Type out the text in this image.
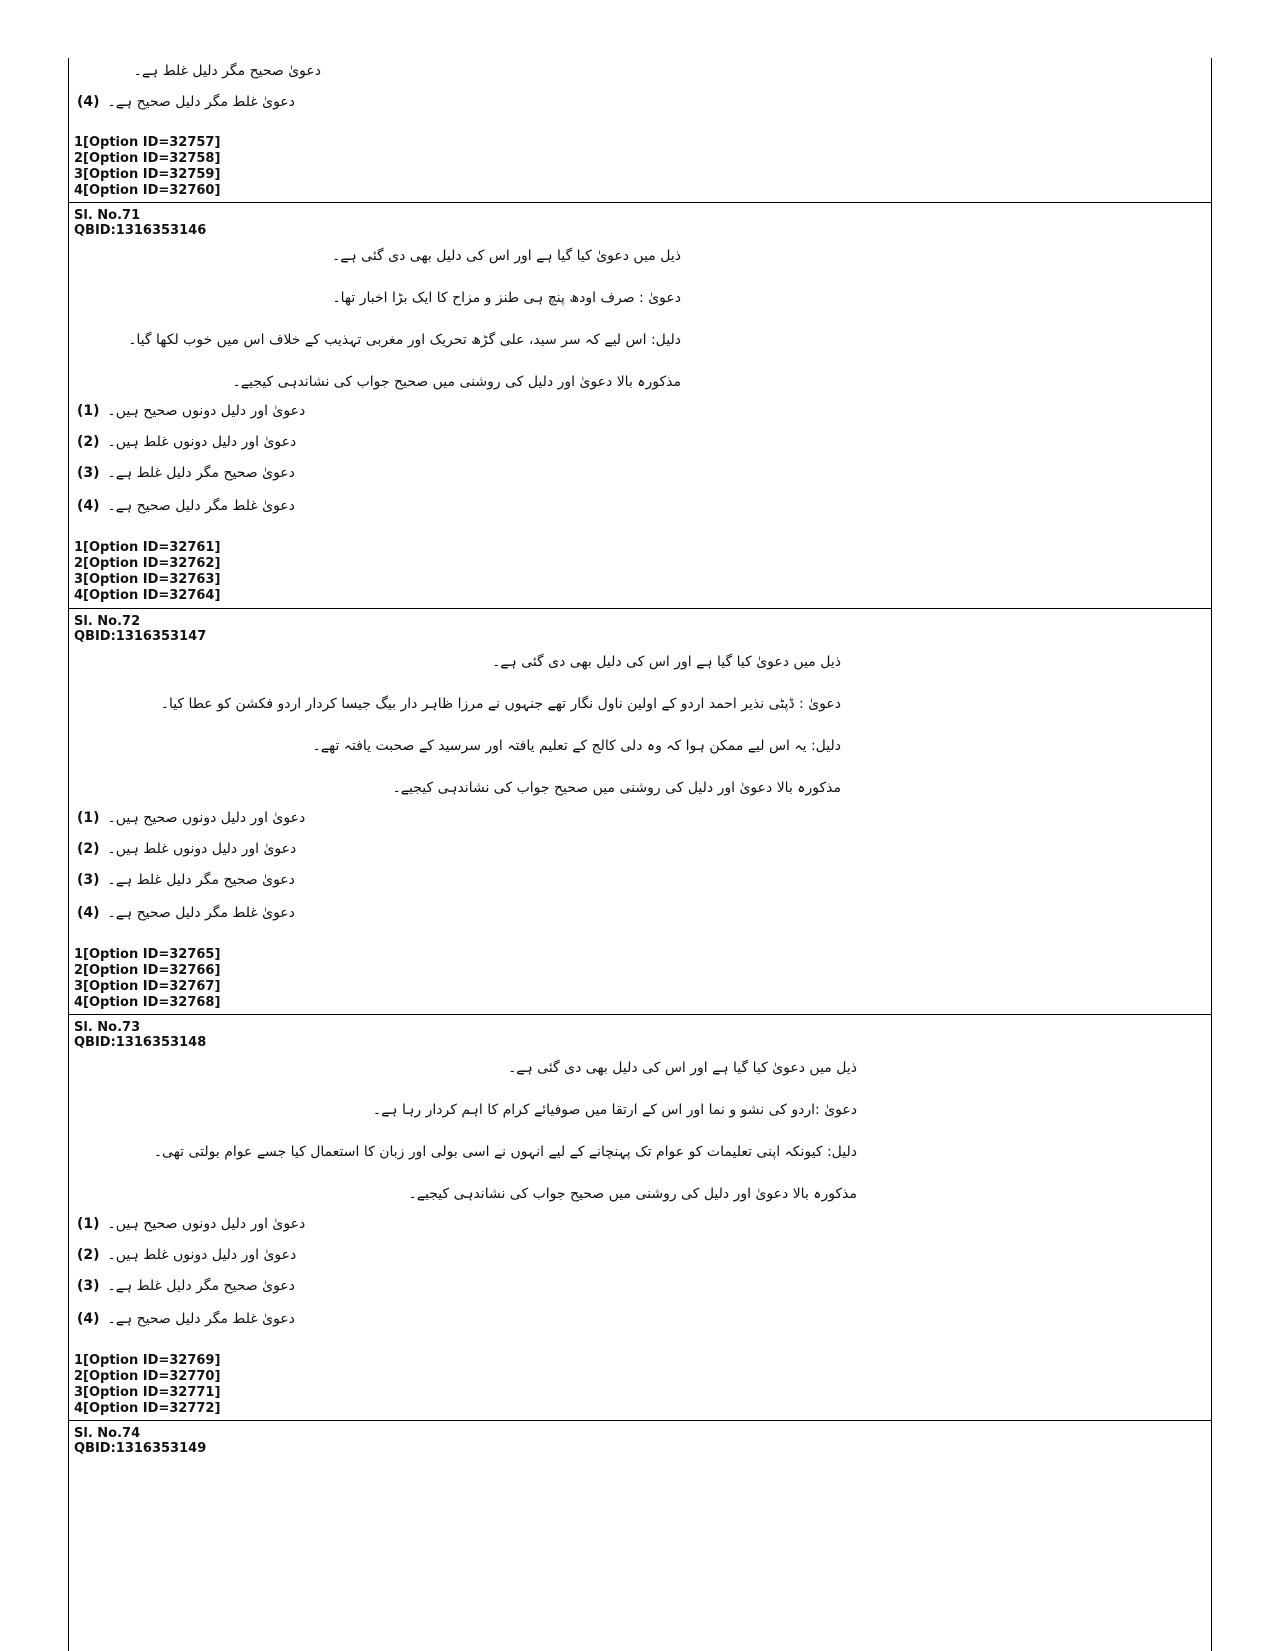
دعویٰ صحیح مگر دلیل غلط ہے۔
(4) دعویٰ غلط مگر دلیل صحیح ہے۔
1[Option ID=32757]
2[Option ID=32758]
3[Option ID=32759]
4[Option ID=32760]
Sl. No.71
QBID:1316353146
ذیل میں دعویٰ کیا گیا ہے اور اس کی دلیل بھی دی گئی ہے۔
دعویٰ : صرف اودھ پنچ ہی طنز و مزاح کا ایک بڑا اخبار تھا۔
دلیل: اس لیے کہ سر سید، علی گڑھ تحریک اور مغربی تہذیب کے خلاف اس میں خوب لکھا گیا۔
مذکورہ بالا دعویٰ اور دلیل کی روشنی میں صحیح جواب کی نشاندہی کیجیے۔
(1) دعویٰ اور دلیل دونوں صحیح ہیں۔
(2) دعویٰ اور دلیل دونوں غلط ہیں۔
(3) دعویٰ صحیح مگر دلیل غلط ہے۔
(4) دعویٰ غلط مگر دلیل صحیح ہے۔
1[Option ID=32761]
2[Option ID=32762]
3[Option ID=32763]
4[Option ID=32764]
Sl. No.72
QBID:1316353147
ذیل میں دعویٰ کیا گیا ہے اور اس کی دلیل بھی دی گئی ہے۔
دعویٰ : ڈپٹی نذیر احمد اردو کے اولین ناول نگار تھے جنہوں نے مرزا ظاہر دار بیگ جیسا کردار اردو فکشن کو عطا کیا۔
دلیل: یہ اس لیے ممکن ہوا کہ وہ دلی کالج کے تعلیم یافتہ اور سرسید کے صحبت یافتہ تھے۔
مذکورہ بالا دعویٰ اور دلیل کی روشنی میں صحیح جواب کی نشاندہی کیجیے۔
(1) دعویٰ اور دلیل دونوں صحیح ہیں۔
(2) دعویٰ اور دلیل دونوں غلط ہیں۔
(3) دعویٰ صحیح مگر دلیل غلط ہے۔
(4) دعویٰ غلط مگر دلیل صحیح ہے۔
1[Option ID=32765]
2[Option ID=32766]
3[Option ID=32767]
4[Option ID=32768]
Sl. No.73
QBID:1316353148
ذیل میں دعویٰ کیا گیا ہے اور اس کی دلیل بھی دی گئی ہے۔
دعویٰ :اردو کی نشو و نما اور اس کے ارتقا میں صوفیائے کرام کا اہم کردار رہا ہے۔
دلیل: کیونکہ اپنی تعلیمات کو عوام تک پہنچانے کے لیے انہوں نے اسی بولی اور زبان کا استعمال کیا جسے عوام بولتی تھی۔
مذکورہ بالا دعویٰ اور دلیل کی روشنی میں صحیح جواب کی نشاندہی کیجیے۔
(1) دعویٰ اور دلیل دونوں صحیح ہیں۔
(2) دعویٰ اور دلیل دونوں غلط ہیں۔
(3) دعویٰ صحیح مگر دلیل غلط ہے۔
(4) دعویٰ غلط مگر دلیل صحیح ہے۔
1[Option ID=32769]
2[Option ID=32770]
3[Option ID=32771]
4[Option ID=32772]
Sl. No.74
QBID:1316353149
